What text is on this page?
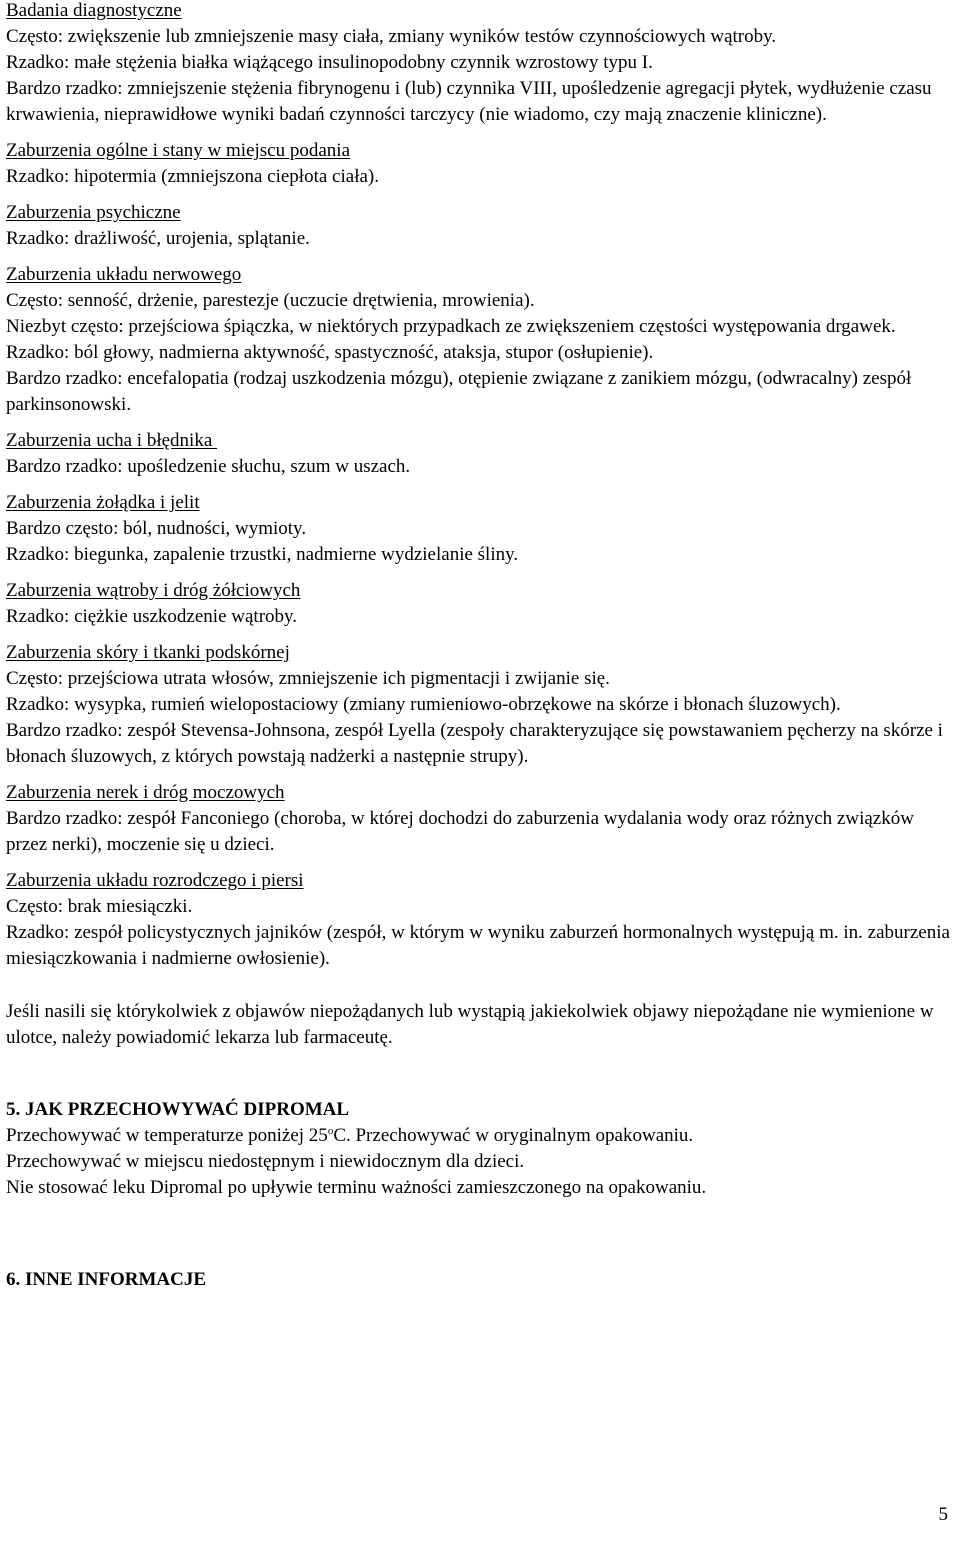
Badania diagnostyczne

Często: zwiększenie lub zmniejszenie masy ciała, zmiany wyników testów czynnościowych wątroby.

Rzadko: małe stężenia białka wiążącego insulinopodobny czynnik wzrostowy typu I.

Bardzo rzadko: zmniejszenie stężenia fibrynogenu i (lub) czynnika VIII, upośledzenie agregacji płytek, wydłużenie czasu krwawienia, nieprawidłowe wyniki badań czynności tarczycy (nie wiadomo, czy mają znaczenie kliniczne).

Zaburzenia ogólne i stany w miejscu podania

Rzadko: hipotermia (zmniejszona ciepłota ciała).

Zaburzenia psychiczne

Rzadko: drażliwość, urojenia, splątanie.

Zaburzenia układu nerwowego

Często: senność, drżenie, parestezje (uczucie drętwienia, mrowienia).

Niezbyt często: przejściowa śpiączka, w niektórych przypadkach ze zwiększeniem częstości występowania drgawek.

Rzadko: ból głowy, nadmierna aktywność, spastyczność, ataksja, stupor (osłupienie).

Bardzo rzadko: encefalopatia (rodzaj uszkodzenia mózgu), otępienie związane z zanikiem mózgu, (odwracalny) zespół parkinsonowski.

Zaburzenia ucha i błędnika

Bardzo rzadko: upośledzenie słuchu, szum w uszach.

Zaburzenia żołądka i jelit

Bardzo często: ból, nudności, wymioty.

Rzadko: biegunka, zapalenie trzustki, nadmierne wydzielanie śliny.

Zaburzenia wątroby i dróg żółciowych

Rzadko: ciężkie uszkodzenie wątroby.

Zaburzenia skóry i tkanki podskórnej

Często: przejściowa utrata włosów, zmniejszenie ich pigmentacji i zwijanie się.

Rzadko: wysypka, rumień wielopostaciowy (zmiany rumieniowo-obrzękowe na skórze i błonach śluzowych).

Bardzo rzadko: zespół Stevensa-Johnsona, zespół Lyella (zespoły charakteryzujące się powstawaniem pęcherzy na skórze i błonach śluzowych, z których powstają nadżerki a następnie strupy).

Zaburzenia nerek i dróg moczowych

Bardzo rzadko: zespół Fanconiego (choroba, w której dochodzi do zaburzenia wydalania wody oraz różnych związków przez nerki), moczenie się u dzieci.

Zaburzenia układu rozrodczego i piersi

Często: brak miesiączki.

Rzadko: zespół policystycznych jajników (zespół, w którym w wyniku zaburzeń hormonalnych występują m. in. zaburzenia miesiączkowania i nadmierne owłosienie).

Jeśli nasili się którykolwiek z objawów niepożądanych lub wystąpią jakiekolwiek objawy niepożądane nie wymienione w ulotce, należy powiadomić lekarza lub farmaceutę.

5. JAK PRZECHOWYWAĆ DIPROMAL

Przechowywać w temperaturze poniżej 25$^o$C. Przechowywać w oryginalnym opakowaniu.

Przechowywać w miejscu niedostępnym i niewidocznym dla dzieci.

Nie stosować leku Dipromal po upływie terminu ważności zamieszczonego na opakowaniu.

6. INNE INFORMACJE

5
